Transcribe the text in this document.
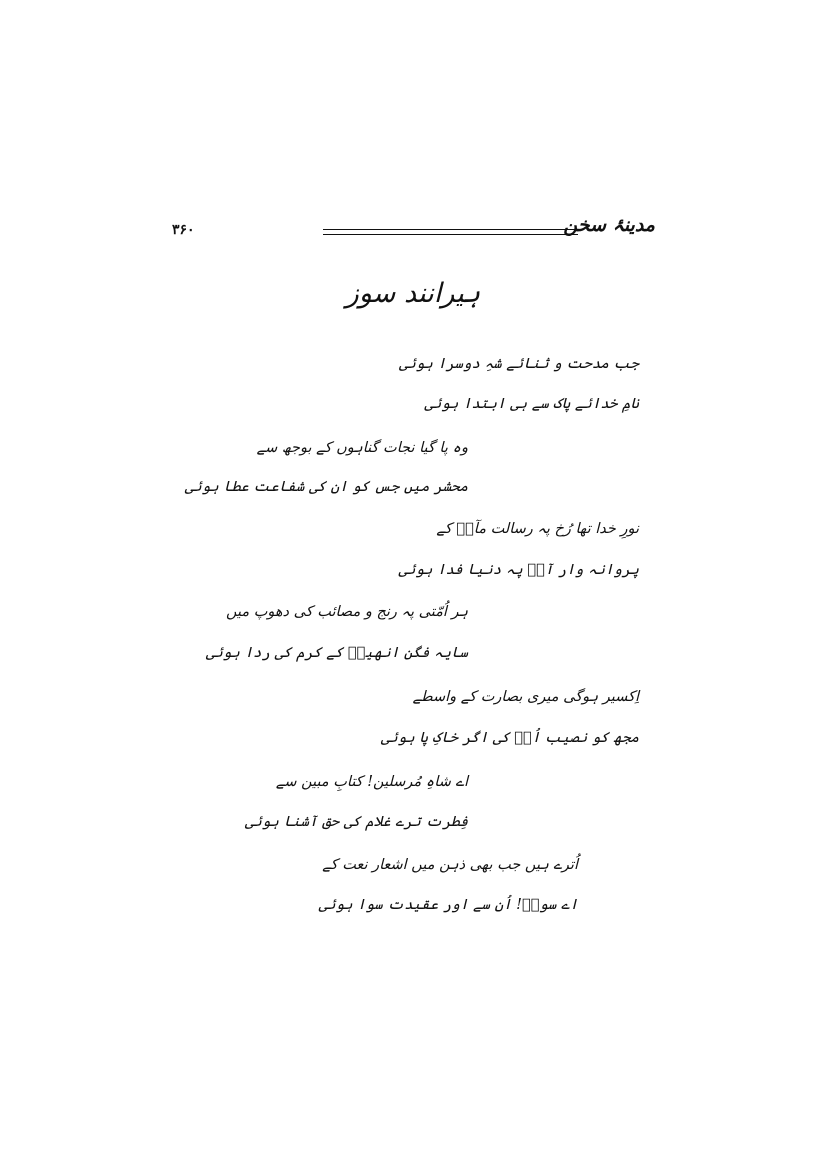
۳۶۰	مدینۂ سخن
ہیرانند سوز
جب مدحت و ثنائے شہِ دوسرا ہوئی
نامِ خدائے پاک سے ہی ابتدا ہوئی
وہ پا گیا نجات گناہوں کے بوجھ سے
محشر میں جس کو ان کی شفاعت عطا ہوئی
نورِ خدا تھا رُخ پہ رسالت مآبؐ کے
پروانہ وار آپؐ پہ دنیا فدا ہوئی
ہر اُمّتی پہ رنج و مصائب کی دھوپ میں
سایہ فگن انھیںؐ کے کرم کی ردا ہوئی
اِکسیر ہوگی میری بصارت کے واسطے
مجھ کو نصیب اُنؐ کی اگر خاکِ پا ہوئی
اے شاہِ مُرسلین! کتابِ مبین سے
فِطرت ترے غلام کی حق آشنا ہوئی
اُترے ہیں جب بھی ذہن میں اشعار نعت کے
اے سوزؔ! اُن سے اور عقیدت سوا ہوئی
